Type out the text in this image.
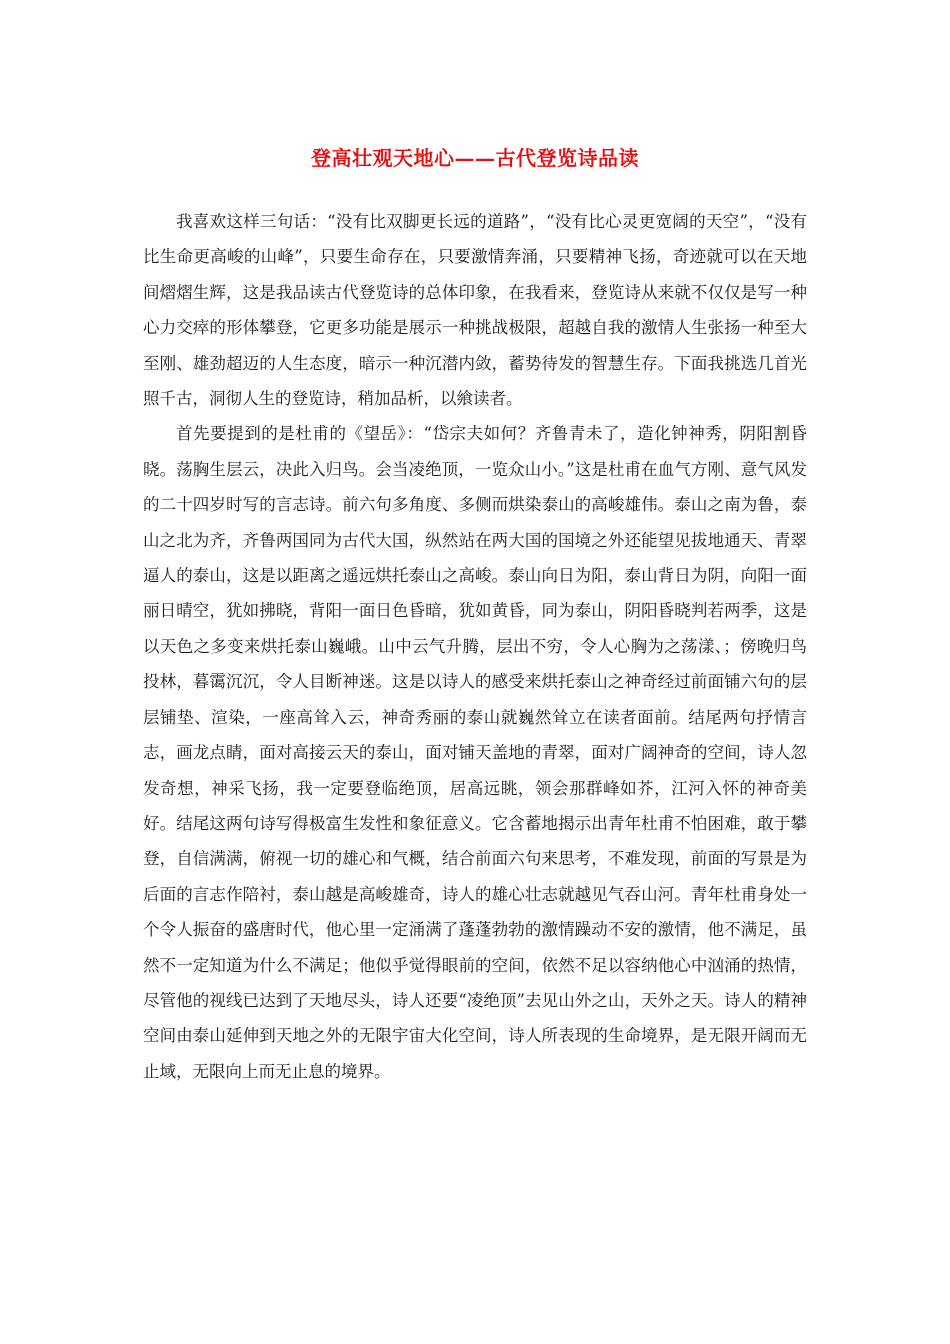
登高壮观天地心——古代登览诗品读

我喜欢这样三句话：“没有比双脚更长远的道路”，“没有比心灵更宽阔的天空”，“没有比生命更高峻的山峰”，只要生命存在，只要激情奔涌，只要精神飞扬，奇迹就可以在天地间熠熠生辉，这是我品读古代登览诗的总体印象，在我看来，登览诗从来就不仅仅是写一种心力交瘁的形体攀登，它更多功能是展示一种挑战极限，超越自我的激情人生张扬一种至大至刚、雄劲超迈的人生态度，暗示一种沉潜内敛，蓄势待发的智慧生存。下面我挑选几首光照千古，洞彻人生的登览诗，稍加品析，以飨读者。

首先要提到的是杜甫的《望岳》：“岱宗夫如何？齐鲁青未了，造化钟神秀，阴阳割昏晓。荡胸生层云，决此入归鸟。会当凌绝顶，一览众山小。”这是杜甫在血气方刚、意气风发的二十四岁时写的言志诗。前六句多角度、多侧而烘染泰山的高峻雄伟。泰山之南为鲁，泰山之北为齐，齐鲁两国同为古代大国，纵然站在两大国的国境之外还能望见拔地通天、青翠逼人的泰山，这是以距离之遥远烘托泰山之高峻。泰山向日为阳，泰山背日为阴，向阳一面丽日晴空，犹如拂晓，背阳一面日色昏暗，犹如黄昏，同为泰山，阴阳昏晓判若两季，这是以天色之多变来烘托泰山巍峨。山中云气升腾，层出不穷，令人心胸为之荡漾、；傍晚归鸟投林，暮霭沉沉，令人目断神迷。这是以诗人的感受来烘托泰山之神奇经过前面铺六句的层层铺垫、渲染，一座高耸入云，神奇秀丽的泰山就巍然耸立在读者面前。结尾两句抒情言志，画龙点睛，面对高接云天的泰山，面对铺天盖地的青翠，面对广阔神奇的空间，诗人忽发奇想，神采飞扬，我一定要登临绝顶，居高远眺，领会那群峰如芥，江河入怀的神奇美好。结尾这两句诗写得极富生发性和象征意义。它含蓄地揭示出青年杜甫不怕困难，敢于攀登，自信满满，俯视一切的雄心和气概，结合前面六句来思考，不难发现，前面的写景是为后面的言志作陪衬，泰山越是高峻雄奇，诗人的雄心壮志就越见气吞山河。青年杜甫身处一个令人振奋的盛唐时代，他心里一定涌满了蓬蓬勃勃的激情躁动不安的激情，他不满足，虽然不一定知道为什么不满足；他似乎觉得眼前的空间，依然不足以容纳他心中汹涌的热情，尽管他的视线已达到了天地尽头，诗人还要“凌绝顶”去见山外之山，天外之天。诗人的精神空间由泰山延伸到天地之外的无限宇宙大化空间，诗人所表现的生命境界，是无限开阔而无止域，无限向上而无止息的境界。
